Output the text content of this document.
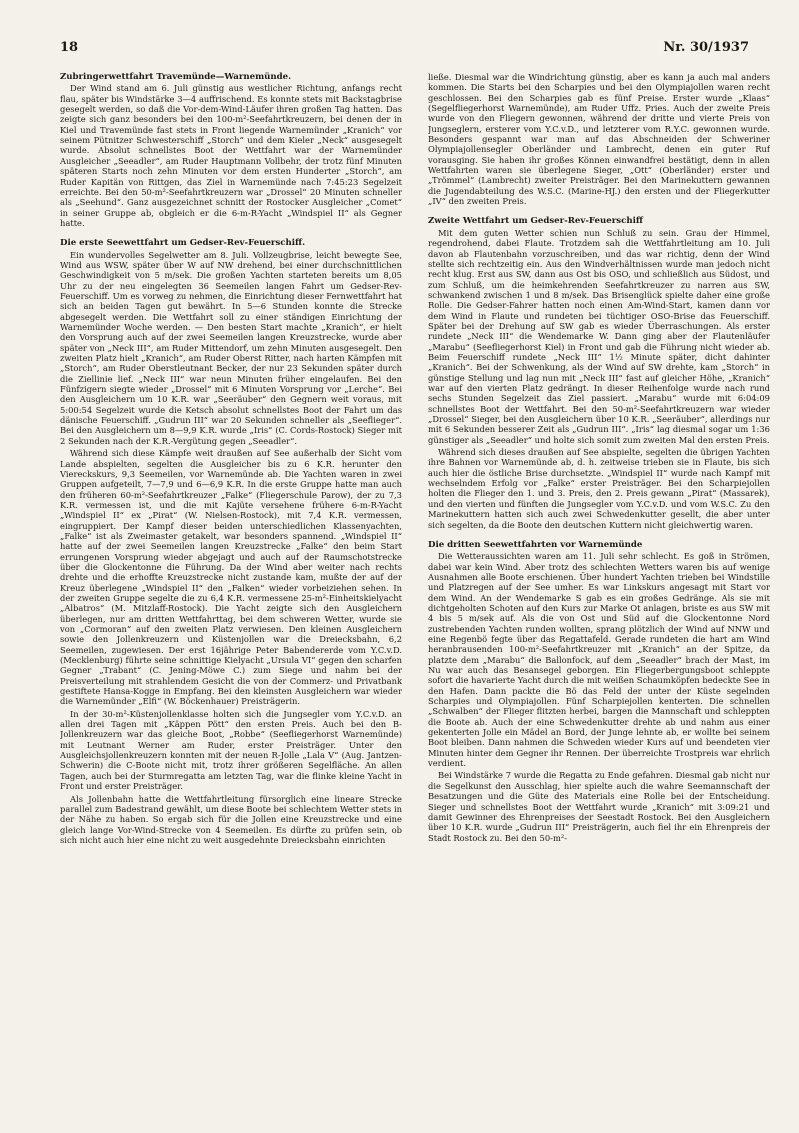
18	Nr. 30/1937
Zubringerwettfahrt Travemünde—Warnemünde.

Der Wind stand am 6. Juli günstig aus westlicher Richtung, anfangs recht flau, später bis Windstärke 3—4 auffrischend. Es konnte stets mit Backstagbrise gesegelt werden, so daß die Vor-dem-Wind-Läufer ihren großen Tag hatten. Das zeigte sich ganz besonders bei den 100-m²-Seefahrtkreuzern, bei denen der in Kiel und Travemünde fast stets in Front liegende Warnemünder „Kranich“ vor seinem Pütnitzer Schwesterschiff „Storch“ und dem Kieler „Neck“ ausgesegelt wurde. Absolut schnellstes Boot der Wettfahrt war der Warnemünder Ausgleicher „Seeadler“, am Ruder Hauptmann Vollbehr, der trotz fünf Minuten späteren Starts noch zehn Minuten vor dem ersten Hunderter „Storch“, am Ruder Kapitän von Rittgen, das Ziel in Warnemünde nach 7:45:23 Segelzeit erreichte. Bei den 50-m²-Seefahrtkreuzern war „Drossel“ 20 Minuten schneller als „Seehund“. Ganz ausgezeichnet schnitt der Rostocker Ausgleicher „Comet“ in seiner Gruppe ab, obgleich er die 6-m-R-Yacht „Windspiel II“ als Gegner hatte.

Die erste Seewettfahrt um Gedser-Rev-Feuerschiff.

Ein wundervolles Segelwetter am 8. Juli. Vollzeugbrise, leicht bewegte See, Wind aus WSW, später über W auf NW drehend, bei einer durchschnittlichen Geschwindigkeit von 5 m/sek. Die großen Yachten starteten bereits um 8,05 Uhr zu der neu eingelegten 36 Seemeilen langen Fahrt um Gedser-Rev-Feuerschiff. Um es vorweg zu nehmen, die Einrichtung dieser Fernwettfahrt hat sich an beiden Tagen gut bewährt. In 5—6 Stunden konnte die Strecke abgesegelt werden. Die Wettfahrt soll zu einer ständigen Einrichtung der Warnemünder Woche werden. — Den besten Start machte „Kranich“, er hielt den Vorsprung auch auf der zwei Seemeilen langen Kreuzstrecke, wurde aber später von „Neck III“, am Ruder Mittendorf, um zehn Minuten ausgesegelt. Den zweiten Platz hielt „Kranich“, am Ruder Oberst Ritter, nach harten Kämpfen mit „Storch“, am Ruder Oberstleutnant Becker, der nur 23 Sekunden später durch die Ziellinie lief. „Neck III“ war neun Minuten früher eingelaufen. Bei den Fünfzigern siegte wieder „Drossel“ mit 6 Minuten Vorsprung vor „Lerche“. Bei den Ausgleichern um 10 K.R. war „Seeräuber“ den Gegnern weit voraus, mit 5:00:54 Segelzeit wurde die Ketsch absolut schnellstes Boot der Fahrt um das dänische Feuerschiff. „Gudrun III“ war 20 Sekunden schneller als „Seeflieger“. Bei den Ausgleichern um 8—9,9 K.R. wurde „Iris“ (C. Cords-Rostock) Sieger mit 2 Sekunden nach der K.R.-Vergütung gegen „Seeadler“.

Während sich diese Kämpfe weit draußen auf See außerhalb der Sicht vom Lande abspielten, segelten die Ausgleicher bis zu 6 K.R. herunter den Viereckskurs, 9,3 Seemeilen, vor Warnemünde ab. Die Yachten waren in zwei Gruppen aufgeteilt, 7—7,9 und 6—6,9 K.R. In die erste Gruppe hatte man auch den früheren 60-m²-Seefahrtkreuzer „Falke“ (Fliegerschule Parow), der zu 7,3 K.R. vermessen ist, und die mit Kajüte versehene frühere 6-m-R-Yacht „Windspiel II“ ex „Pirat“ (W. Nielsen-Rostock), mit 7,4 K.R. vermessen, eingruppiert. Der Kampf dieser beiden unterschiedlichen Klassenyachten, „Falke“ ist als Zweimaster getakelt, war besonders spannend. „Windspiel II“ hatte auf der zwei Seemeilen langen Kreuzstrecke „Falke“ den beim Start errungenen Vorsprung wieder abgejagt und auch auf der Raumschotstrecke über die Glockentonne die Führung. Da der Wind aber weiter nach rechts drehte und die erhoffte Kreuzstrecke nicht zustande kam, mußte der auf der Kreuz überlegene „Windspiel II“ den „Falken“ wieder vorbeiziehen sehen. In der zweiten Gruppe segelte die zu 6,4 K.R. vermessene 25-m²-Einheitskielyacht „Albatros“ (M. Mitzlaff-Rostock). Die Yacht zeigte sich den Ausgleichern überlegen, nur am dritten Wettfahrttag, bei dem schweren Wetter, wurde sie von „Cormoran“ auf den zweiten Platz verwiesen. Den kleinen Ausgleichern sowie den Jollenkreuzern und Küstenjollen war die Dreiecksbahn, 6,2 Seemeilen, zugewiesen. Der erst 16jährige Peter Babendererde vom Y.C.v.D. (Mecklenburg) führte seine schnittige Kielyacht „Ursula VI“ gegen den scharfen Gegner „Trabant“ (C. Jening-Möwe C.) zum Siege und nahm bei der Preisverteilung mit strahlendem Gesicht die von der Commerz- und Privatbank gestiftete Hansa-Kogge in Empfang. Bei den kleinsten Ausgleichern war wieder die Warnemünder „Elfi“ (W. Böckenhauer) Preisträgerin.

In der 30-m²-Küstenjollenklasse holten sich die Jungsegler vom Y.C.v.D. an allen drei Tagen mit „Käppen Pött“ den ersten Preis. Auch bei den B-Jollenkreuzern war das gleiche Boot, „Robbe“ (Seefliegerhorst Warnemünde) mit Leutnant Werner am Ruder, erster Preisträger. Unter den Ausgleichsjollenkreuzern konnten mit der neuen R-Jolle „Lala V“ (Aug. Jantzen-Schwerin) die C-Boote nicht mit, trotz ihrer größeren Segelfläche. An allen Tagen, auch bei der Sturmregatta am letzten Tag, war die flinke kleine Yacht in Front und erster Preisträger.

Als Jollenbahn hatte die Wettfahrtleitung fürsorglich eine lineare Strecke parallel zum Badestrand gewählt, um diese Boote bei schlechtem Wetter stets in der Nähe zu haben. So ergab sich für die Jollen eine Kreuzstrecke und eine gleich lange Vor-Wind-Strecke von 4 Seemeilen. Es dürfte zu prüfen sein, ob sich nicht auch hier eine nicht zu weit ausgedehnte Dreiecksbahn einrichten

ließe. Diesmal war die Windrichtung günstig, aber es kann ja auch mal anders kommen. Die Starts bei den Scharpies und bei den Olympiajollen waren recht geschlossen. Bei den Scharpies gab es fünf Preise. Erster wurde „Klaas“ (Segelfliegerhorst Warnemünde), am Ruder Uffz. Pries. Auch der zweite Preis wurde von den Fliegern gewonnen, während der dritte und vierte Preis von Jungseglern, ersterer vom Y.C.v.D., und letzterer vom R.Y.C. gewonnen wurde. Besonders gespannt war man auf das Abschneiden der Schweriner Olympiajollensegler Oberländer und Lambrecht, denen ein guter Ruf vorausging. Sie haben ihr großes Können einwandfrei bestätigt, denn in allen Wettfahrten waren sie überlegene Sieger, „Ott“ (Oberländer) erster und „Trömmel“ (Lambrecht) zweiter Preisträger. Bei den Marinekuttern gewannen die Jugendabteilung des W.S.C. (Marine-HJ.) den ersten und der Fliegerkutter „IV“ den zweiten Preis.

Zweite Wettfahrt um Gedser-Rev-Feuerschiff

Mit dem guten Wetter schien nun Schluß zu sein. Grau der Himmel, regendrohend, dabei Flaute. Trotzdem sah die Wettfahrtleitung am 10. Juli davon ab Flautenbahn vorzuschreiben, und das war richtig, denn der Wind stellte sich rechtzeitig ein. Aus den Windverhältnissen wurde man jedoch nicht recht klug. Erst aus SW, dann aus Ost bis OSO, und schließlich aus Südost, und zum Schluß, um die heimkehrenden Seefahrtkreuzer zu narren aus SW, schwankend zwischen 1 und 8 m/sek. Das Brisenglück spielte daher eine große Rolle. Die Gedser-Fahrer hatten noch einen Am-Wind-Start, kamen dann vor dem Wind in Flaute und rundeten bei tüchtiger OSO-Brise das Feuerschiff. Später bei der Drehung auf SW gab es wieder Überraschungen. Als erster rundete „Neck III“ die Wendemarke W. Dann ging aber der Flautenläufer „Marabu“ (Seefliegerhorst Kiel) in Front und gab die Führung nicht wieder ab. Beim Feuerschiff rundete „Neck III“ 1½ Minute später, dicht dahinter „Kranich“. Bei der Schwenkung, als der Wind auf SW drehte, kam „Storch“ in günstige Stellung und lag nun mit „Neck III“ fast auf gleicher Höhe, „Kranich“ war auf den vierten Platz gedrängt. In dieser Reihenfolge wurde nach rund sechs Stunden Segelzeit das Ziel passiert. „Marabu“ wurde mit 6:04:09 schnellstes Boot der Wettfahrt. Bei den 50-m²-Seefahrtkreuzern war wieder „Drossel“ Sieger, bei den Ausgleichern über 10 K.R. „Seeräuber“, allerdings nur mit 6 Sekunden besserer Zeit als „Gudrun III“. „Iris“ lag diesmal sogar um 1:36 günstiger als „Seeadler“ und holte sich somit zum zweiten Mal den ersten Preis.

Während sich dieses draußen auf See abspielte, segelten die übrigen Yachten ihre Bahnen vor Warnemünde ab, d. h. zeitweise trieben sie in Flaute, bis sich auch hier die östliche Brise durchsetzte. „Windspiel II“ wurde nach Kampf mit wechselndem Erfolg vor „Falke“ erster Preisträger. Bei den Scharpiejollen holten die Flieger den 1. und 3. Preis, den 2. Preis gewann „Pirat“ (Massarek), und den vierten und fünften die Jungsegler vom Y.C.v.D. und vom W.S.C. Zu den Marinekuttern hatten sich auch zwei Schwedenkutter gesellt, die aber unter sich segelten, da die Boote den deutschen Kuttern nicht gleichwertig waren.

Die dritten Seewettfahrten vor Warnemünde

Die Wetteraussichten waren am 11. Juli sehr schlecht. Es goß in Strömen, dabei war kein Wind. Aber trotz des schlechten Wetters waren bis auf wenige Ausnahmen alle Boote erschienen. Über hundert Yachten trieben bei Windstille und Platzregen auf der See umher. Es war Linkskurs angesagt mit Start vor dem Wind. An der Wendemarke S gab es ein großes Gedränge. Als sie mit dichtgeholten Schoten auf den Kurs zur Marke Ot anlagen, briste es aus SW mit 4 bis 5 m/sek auf. Als die von Ost und Süd auf die Glockentonne Nord zustrebenden Yachten runden wollten, sprang plötzlich der Wind auf NNW und eine Regenbö fegte über das Regattafeld. Gerade rundeten die hart am Wind heranbrausenden 100-m²-Seefahrtkreuzer mit „Kranich“ an der Spitze, da platzte dem „Marabu“ die Ballonfock, auf dem „Seeadler“ brach der Mast, im Nu war auch das Besansegel geborgen. Ein Fliegerbergungsboot schleppte sofort die havarierte Yacht durch die mit weißen Schaumköpfen bedeckte See in den Hafen. Dann packte die Bö das Feld der unter der Küste segelnden Scharpies und Olympiajollen. Fünf Scharpiejollen kenterten. Die schnellen „Schwalben“ der Flieger flitzten herbei, bargen die Mannschaft und schleppten die Boote ab. Auch der eine Schwedenkutter drehte ab und nahm aus einer gekenterten Jolle ein Mädel an Bord, der Junge lehnte ab, er wollte bei seinem Boot bleiben. Dann nahmen die Schweden wieder Kurs auf und beendeten vier Minuten hinter dem Gegner ihr Rennen. Der überreichte Trostpreis war ehrlich verdient.

Bei Windstärke 7 wurde die Regatta zu Ende gefahren. Diesmal gab nicht nur die Segelkunst den Ausschlag, hier spielte auch die wahre Seemannschaft der Besatzungen und die Güte des Materials eine Rolle bei der Entscheidung. Sieger und schnellstes Boot der Wettfahrt wurde „Kranich“ mit 3:09:21 und damit Gewinner des Ehrenpreises der Seestadt Rostock. Bei den Ausgleichern über 10 K.R. wurde „Gudrun III“ Preisträgerin, auch fiel ihr ein Ehrenpreis der Stadt Rostock zu. Bei den 50-m²-
